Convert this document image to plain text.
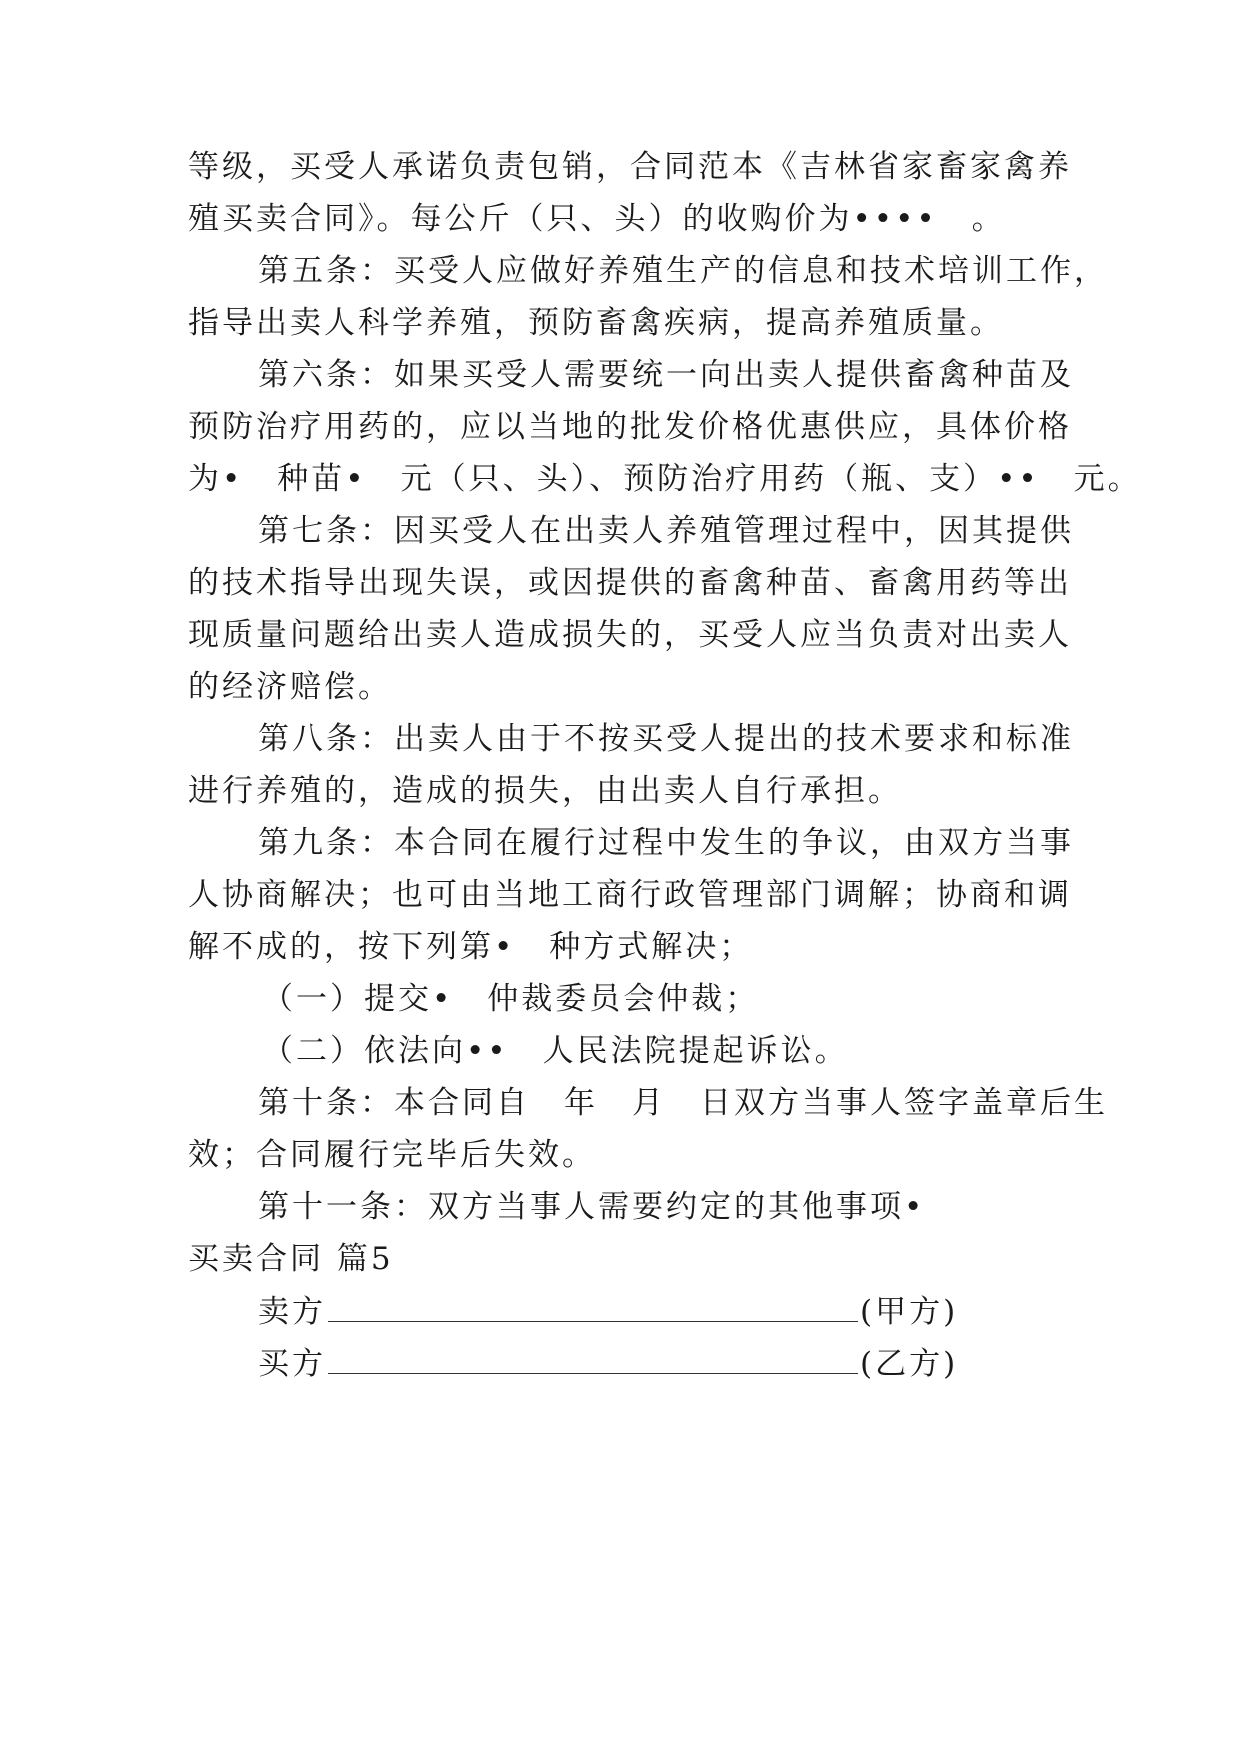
等级，买受人承诺负责包销，合同范本《吉林省家畜家禽养
殖买卖合同》。每公斤（只、头）的收购价为••••　。
第五条：买受人应做好养殖生产的信息和技术培训工作，
指导出卖人科学养殖，预防畜禽疾病，提高养殖质量。
第六条：如果买受人需要统一向出卖人提供畜禽种苗及
预防治疗用药的，应以当地的批发价格优惠供应，具体价格
为•　种苗•　元（只、头）、预防治疗用药（瓶、支）••　元。
第七条：因买受人在出卖人养殖管理过程中，因其提供
的技术指导出现失误，或因提供的畜禽种苗、畜禽用药等出
现质量问题给出卖人造成损失的，买受人应当负责对出卖人
的经济赔偿。
第八条：出卖人由于不按买受人提出的技术要求和标准
进行养殖的，造成的损失，由出卖人自行承担。
第九条：本合同在履行过程中发生的争议，由双方当事
人协商解决；也可由当地工商行政管理部门调解；协商和调
解不成的，按下列第•　种方式解决；
（一）提交•　仲裁委员会仲裁；
（二）依法向••　人民法院提起诉讼。
第十条：本合同自　年　月　日双方当事人签字盖章后生
效；合同履行完毕后失效。
第十一条：双方当事人需要约定的其他事项•
买卖合同 篇5
卖方	(甲方)
买方	(乙方)
